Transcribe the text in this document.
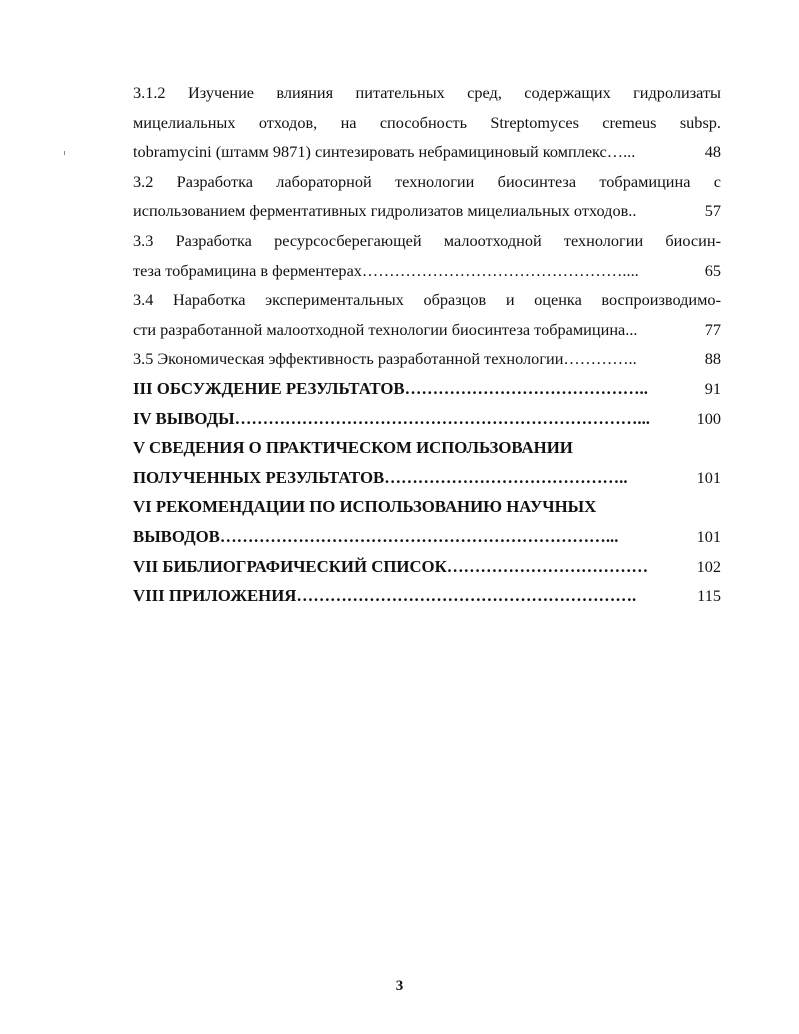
3.1.2 Изучение влияния питательных сред, содержащих гидролизаты
мицелиальных отходов, на способность Streptomyces cremeus subsp.
tobramycini (штамм 9871) синтезировать небрамициновый комплекс…...	48
3.2 Разработка лабораторной технологии биосинтеза тобрамицина с
использованием ферментативных гидролизатов мицелиальных отходов..	57
3.3 Разработка ресурсосберегающей малоотходной технологии биосин-
теза тобрамицина в ферментерах…………………………………………....	65
3.4 Наработка экспериментальных образцов и оценка воспроизводимо-
сти разработанной малоотходной технологии биосинтеза тобрамицина...	77
3.5 Экономическая эффективность разработанной технологии…………..	88
III ОБСУЖДЕНИЕ РЕЗУЛЬТАТОВ……………………………………..	91
IV ВЫВОДЫ………………………………………………………………...	100
V СВЕДЕНИЯ О ПРАКТИЧЕСКОМ ИСПОЛЬЗОВАНИИ
ПОЛУЧЕННЫХ РЕЗУЛЬТАТОВ……………………………………..	101
VI РЕКОМЕНДАЦИИ ПО ИСПОЛЬЗОВАНИЮ НАУЧНЫХ
ВЫВОДОВ……………………………………………………………...	101
VII БИБЛИОГРАФИЧЕСКИЙ СПИСОК………………………………	102
VIII ПРИЛОЖЕНИЯ…………………………………………………….	115
3
